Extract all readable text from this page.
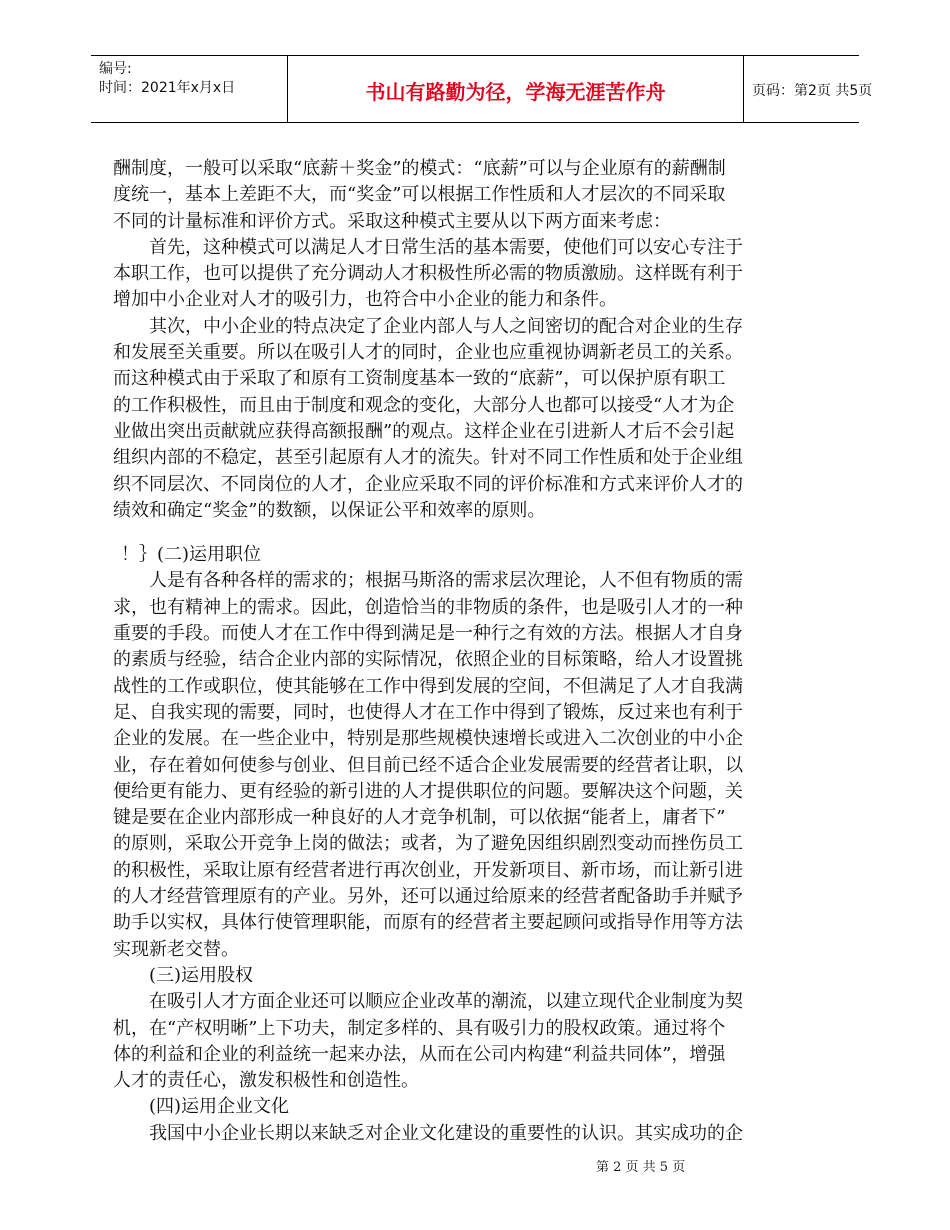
编号:
时间：2021年x月x日	书山有路勤为径，学海无涯苦作舟	页码：第2页 共5页
酬制度，一般可以采取“底薪＋奖金”的模式：“底薪”可以与企业原有的薪酬制
度统一，基本上差距不大，而“奖金”可以根据工作性质和人才层次的不同采取
不同的计量标准和评价方式。采取这种模式主要从以下两方面来考虑：
首先，这种模式可以满足人才日常生活的基本需要，使他们可以安心专注于
本职工作，也可以提供了充分调动人才积极性所必需的物质激励。这样既有利于
增加中小企业对人才的吸引力，也符合中小企业的能力和条件。
其次，中小企业的特点决定了企业内部人与人之间密切的配合对企业的生存
和发展至关重要。所以在吸引人才的同时，企业也应重视协调新老员工的关系。
而这种模式由于采取了和原有工资制度基本一致的“底薪”，可以保护原有职工
的工作积极性，而且由于制度和观念的变化，大部分人也都可以接受“人才为企
业做出突出贡献就应获得高额报酬”的观点。这样企业在引进新人才后不会引起
组织内部的不稳定，甚至引起原有人才的流失。针对不同工作性质和处于企业组
织不同层次、不同岗位的人才，企业应采取不同的评价标准和方式来评价人才的
绩效和确定“奖金”的数额，以保证公平和效率的原则。
！｝(二)运用职位
人是有各种各样的需求的；根据马斯洛的需求层次理论，人不但有物质的需
求，也有精神上的需求。因此，创造恰当的非物质的条件，也是吸引人才的一种
重要的手段。而使人才在工作中得到满足是一种行之有效的方法。根据人才自身
的素质与经验，结合企业内部的实际情况，依照企业的目标策略，给人才设置挑
战性的工作或职位，使其能够在工作中得到发展的空间，不但满足了人才自我满
足、自我实现的需要，同时，也使得人才在工作中得到了锻炼，反过来也有利于
企业的发展。在一些企业中，特别是那些规模快速增长或进入二次创业的中小企
业，存在着如何使参与创业、但目前已经不适合企业发展需要的经营者让职，以
便给更有能力、更有经验的新引进的人才提供职位的问题。要解决这个问题，关
键是要在企业内部形成一种良好的人才竞争机制，可以依据“能者上，庸者下”
的原则，采取公开竞争上岗的做法；或者，为了避免因组织剧烈变动而挫伤员工
的积极性，采取让原有经营者进行再次创业，开发新项目、新市场，而让新引进
的人才经营管理原有的产业。另外，还可以通过给原来的经营者配备助手并赋予
助手以实权，具体行使管理职能，而原有的经营者主要起顾问或指导作用等方法
实现新老交替。
(三)运用股权
在吸引人才方面企业还可以顺应企业改革的潮流，以建立现代企业制度为契
机，在“产权明晰”上下功夫，制定多样的、具有吸引力的股权政策。通过将个
体的利益和企业的利益统一起来办法，从而在公司内构建“利益共同体”，增强
人才的责任心，激发积极性和创造性。
(四)运用企业文化
我国中小企业长期以来缺乏对企业文化建设的重要性的认识。其实成功的企
第 2 页 共 5 页
